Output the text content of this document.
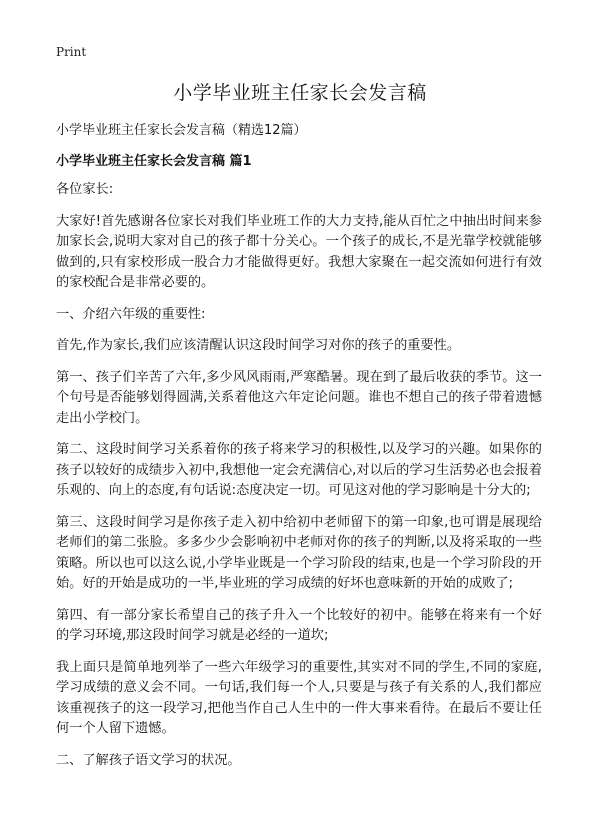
Print
小学毕业班主任家长会发言稿

小学毕业班主任家长会发言稿（精选12篇）

小学毕业班主任家长会发言稿 篇1

各位家长:

大家好!首先感谢各位家长对我们毕业班工作的大力支持,能从百忙之中抽出时间来参加家长会,说明大家对自己的孩子都十分关心。一个孩子的成长,不是光靠学校就能够做到的,只有家校形成一股合力才能做得更好。我想大家聚在一起交流如何进行有效的家校配合是非常必要的。

一、介绍六年级的重要性:

首先,作为家长,我们应该清醒认识这段时间学习对你的孩子的重要性。

第一、孩子们辛苦了六年,多少风风雨雨,严寒酷暑。现在到了最后收获的季节。这一个句号是否能够划得圆满,关系着他这六年定论问题。谁也不想自己的孩子带着遗憾走出小学校门。

第二、这段时间学习关系着你的孩子将来学习的积极性,以及学习的兴趣。如果你的孩子以较好的成绩步入初中,我想他一定会充满信心,对以后的学习生活势必也会报着乐观的、向上的态度,有句话说:态度决定一切。可见这对他的学习影响是十分大的;

第三、这段时间学习是你孩子走入初中给初中老师留下的第一印象,也可谓是展现给老师们的第二张脸。多多少少会影响初中老师对你的孩子的判断,以及将采取的一些策略。所以也可以这么说,小学毕业既是一个学习阶段的结束,也是一个学习阶段的开始。好的开始是成功的一半,毕业班的学习成绩的好坏也意味新的开始的成败了;

第四、有一部分家长希望自己的孩子升入一个比较好的初中。能够在将来有一个好的学习环境,那这段时间学习就是必经的一道坎;

我上面只是简单地列举了一些六年级学习的重要性,其实对不同的学生,不同的家庭,学习成绩的意义会不同。一句话,我们每一个人,只要是与孩子有关系的人,我们都应该重视孩子的这一段学习,把他当作自己人生中的一件大事来看待。在最后不要让任何一个人留下遗憾。

二、了解孩子语文学习的状况。
